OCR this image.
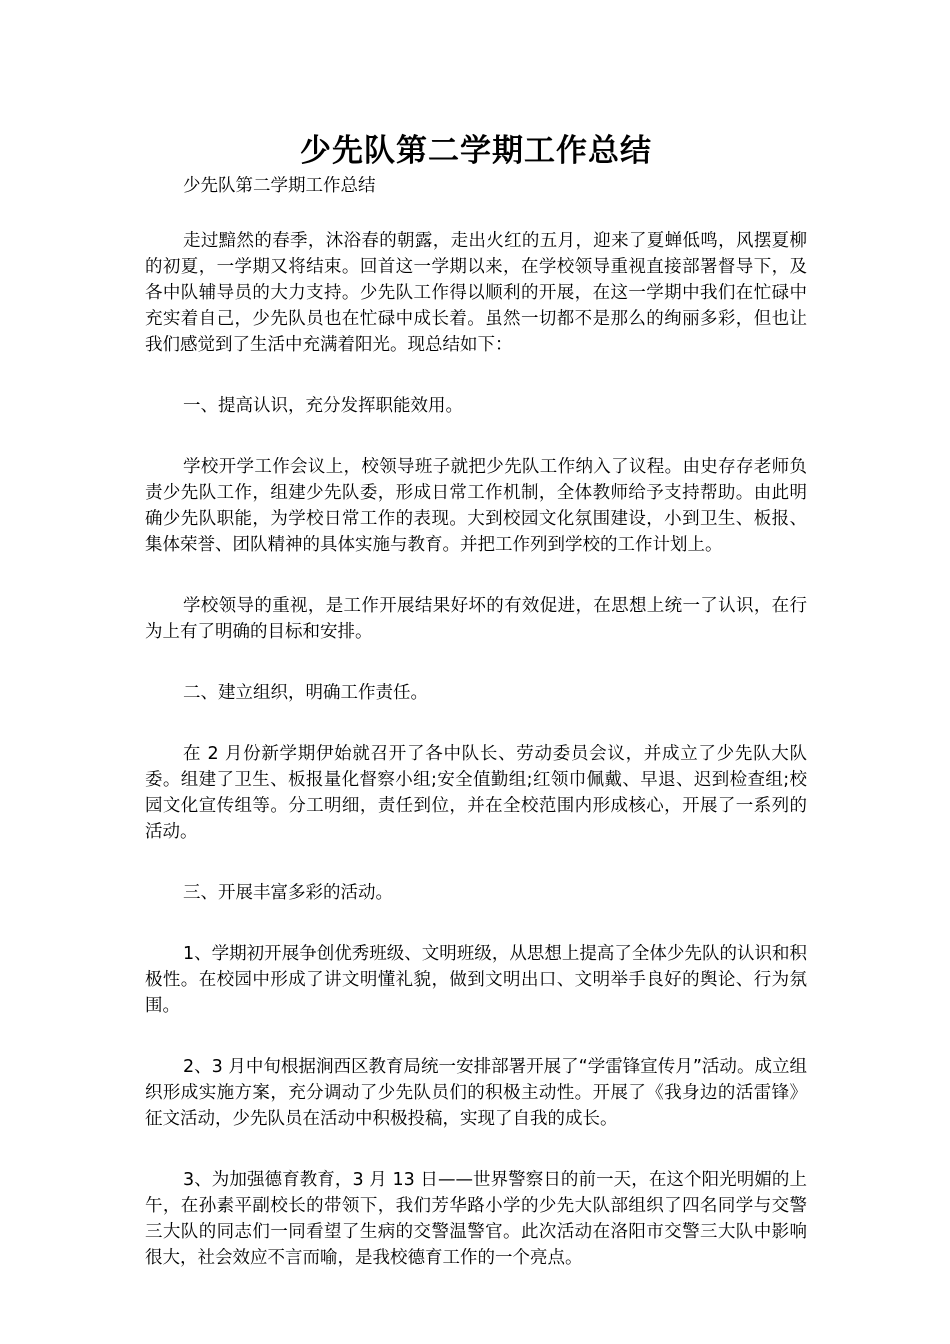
少先队第二学期工作总结

少先队第二学期工作总结

走过黯然的春季，沐浴春的朝露，走出火红的五月，迎来了夏蝉低鸣，风摆夏柳的初夏，一学期又将结束。回首这一学期以来，在学校领导重视直接部署督导下，及各中队辅导员的大力支持。少先队工作得以顺利的开展，在这一学期中我们在忙碌中充实着自己，少先队员也在忙碌中成长着。虽然一切都不是那么的绚丽多彩，但也让我们感觉到了生活中充满着阳光。现总结如下：

一、提高认识，充分发挥职能效用。

学校开学工作会议上，校领导班子就把少先队工作纳入了议程。由史存存老师负责少先队工作，组建少先队委，形成日常工作机制，全体教师给予支持帮助。由此明确少先队职能，为学校日常工作的表现。大到校园文化氛围建设，小到卫生、板报、集体荣誉、团队精神的具体实施与教育。并把工作列到学校的工作计划上。

学校领导的重视，是工作开展结果好坏的有效促进，在思想上统一了认识，在行为上有了明确的目标和安排。

二、建立组织，明确工作责任。

在 2 月份新学期伊始就召开了各中队长、劳动委员会议，并成立了少先队大队委。组建了卫生、板报量化督察小组;安全值勤组;红领巾佩戴、早退、迟到检查组;校园文化宣传组等。分工明细，责任到位，并在全校范围内形成核心，开展了一系列的活动。

三、开展丰富多彩的活动。

1、学期初开展争创优秀班级、文明班级，从思想上提高了全体少先队的认识和积极性。在校园中形成了讲文明懂礼貌，做到文明出口、文明举手良好的舆论、行为氛围。

2、3 月中旬根据涧西区教育局统一安排部署开展了“学雷锋宣传月”活动。成立组织形成实施方案，充分调动了少先队员们的积极主动性。开展了《我身边的活雷锋》征文活动，少先队员在活动中积极投稿，实现了自我的成长。

3、为加强德育教育，3 月 13 日——世界警察日的前一天，在这个阳光明媚的上午，在孙素平副校长的带领下，我们芳华路小学的少先大队部组织了四名同学与交警三大队的同志们一同看望了生病的交警温警官。此次活动在洛阳市交警三大队中影响很大，社会效应不言而喻，是我校德育工作的一个亮点。
